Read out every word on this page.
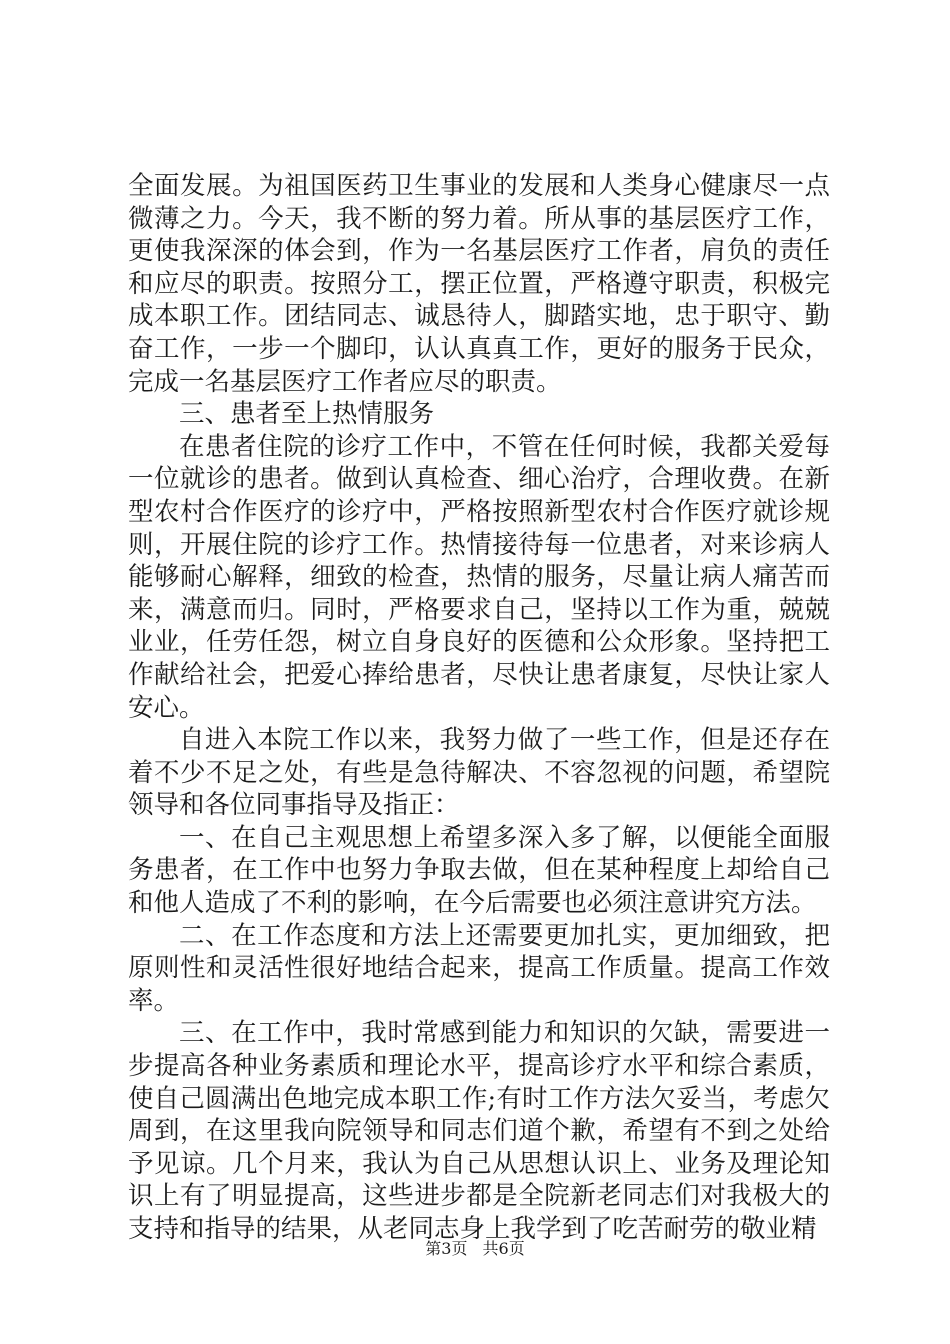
全面发展。为祖国医药卫生事业的发展和人类身心健康尽一点微薄之力。今天，我不断的努力着。所从事的基层医疗工作，更使我深深的体会到，作为一名基层医疗工作者，肩负的责任和应尽的职责。按照分工，摆正位置，严格遵守职责，积极完成本职工作。团结同志、诚恳待人，脚踏实地，忠于职守、勤奋工作，一步一个脚印，认认真真工作，更好的服务于民众，完成一名基层医疗工作者应尽的职责。

三、患者至上热情服务

在患者住院的诊疗工作中，不管在任何时候，我都关爱每一位就诊的患者。做到认真检查、细心治疗，合理收费。在新型农村合作医疗的诊疗中，严格按照新型农村合作医疗就诊规则，开展住院的诊疗工作。热情接待每一位患者，对来诊病人能够耐心解释，细致的检查，热情的服务，尽量让病人痛苦而来，满意而归。同时，严格要求自己，坚持以工作为重，兢兢业业，任劳任怨，树立自身良好的医德和公众形象。坚持把工作献给社会，把爱心捧给患者，尽快让患者康复，尽快让家人安心。

自进入本院工作以来，我努力做了一些工作，但是还存在着不少不足之处，有些是急待解决、不容忽视的问题，希望院领导和各位同事指导及指正：

一、在自己主观思想上希望多深入多了解，以便能全面服务患者，在工作中也努力争取去做，但在某种程度上却给自己和他人造成了不利的影响，在今后需要也必须注意讲究方法。

二、在工作态度和方法上还需要更加扎实，更加细致，把原则性和灵活性很好地结合起来，提高工作质量。提高工作效率。

三、在工作中，我时常感到能力和知识的欠缺，需要进一步提高各种业务素质和理论水平，提高诊疗水平和综合素质，使自己圆满出色地完成本职工作;有时工作方法欠妥当，考虑欠周到，在这里我向院领导和同志们道个歉，希望有不到之处给予见谅。几个月来，我认为自己从思想认识上、业务及理论知识上有了明显提高，这些进步都是全院新老同志们对我极大的支持和指导的结果，从老同志身上我学到了吃苦耐劳的敬业精

第3页 共6页
